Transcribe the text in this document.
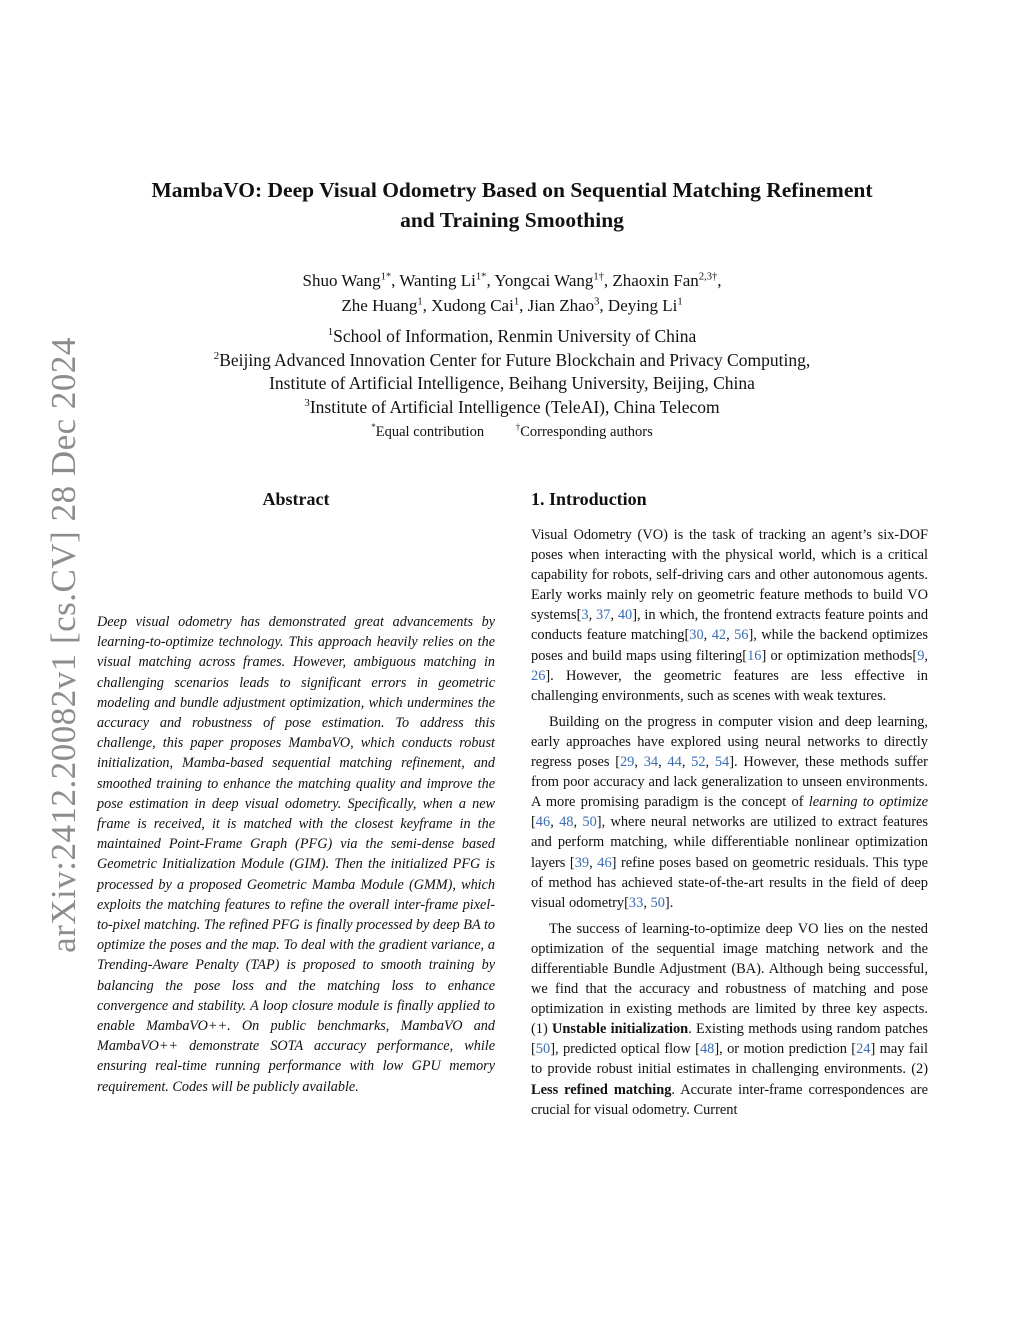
arXiv:2412.20082v1 [cs.CV] 28 Dec 2024
MambaVO: Deep Visual Odometry Based on Sequential Matching Refinement
and Training Smoothing
Shuo Wang$^{1*}$, Wanting $Li^{1*}$, Yongcai Wang$^{1\dagger}$, Zhaoxin Fan$^{2,3\dagger}$,
Zhe Huang$^1$, Xudong Cai$^1$, Jian Zhao$^3$, Deying Li$^1$
$^1$School of Information, Renmin University of China
$^2$Beijing Advanced Innovation Center for Future Blockchain and Privacy Computing,
Institute of Artificial Intelligence, Beihang University, Beijing, China
$^3$Institute of Artificial Intelligence (TeleAI), China Telecom
*Equal contribution	†Corresponding authors
Abstract
Deep visual odometry has demonstrated great advancements by learning-to-optimize technology. This approach heavily relies on the visual matching across frames. However, ambiguous matching in challenging scenarios leads to significant errors in geometric modeling and bundle adjustment optimization, which undermines the accuracy and robustness of pose estimation. To address this challenge, this paper proposes MambaVO, which conducts robust initialization, Mamba-based sequential matching refinement, and smoothed training to enhance the matching quality and improve the pose estimation in deep visual odometry. Specifically, when a new frame is received, it is matched with the closest keyframe in the maintained Point-Frame Graph (PFG) via the semi-dense based Geometric Initialization Module (GIM). Then the initialized PFG is processed by a proposed Geometric Mamba Module (GMM), which exploits the matching features to refine the overall inter-frame pixel-to-pixel matching. The refined PFG is finally processed by deep BA to optimize the poses and the map. To deal with the gradient variance, a Trending-Aware Penalty (TAP) is proposed to smooth training by balancing the pose loss and the matching loss to enhance convergence and stability. A loop closure module is finally applied to enable MambaVO++. On public benchmarks, MambaVO and MambaVO++ demonstrate SOTA accuracy performance, while ensuring real-time running performance with low GPU memory requirement. Codes will be publicly available.
1. Introduction

Visual Odometry (VO) is the task of tracking an agent’s six-DOF poses when interacting with the physical world, which is a critical capability for robots, self-driving cars and other autonomous agents. Early works mainly rely on geometric feature methods to build VO systems[3, 37, 40], in which, the frontend extracts feature points and conducts feature matching[30, 42, 56], while the backend optimizes poses and build maps using filtering[16] or optimization methods[9, 26]. However, the geometric features are less effective in challenging environments, such as scenes with weak textures.

Building on the progress in computer vision and deep learning, early approaches have explored using neural networks to directly regress poses [29, 34, 44, 52, 54]. However, these methods suffer from poor accuracy and lack generalization to unseen environments. A more promising paradigm is the concept of learning to optimize [46, 48, 50], where neural networks are utilized to extract features and perform matching, while differentiable nonlinear optimization layers [39, 46] refine poses based on geometric residuals. This type of method has achieved state-of-the-art results in the field of deep visual odometry[33, 50].

The success of learning-to-optimize deep VO lies on the nested optimization of the sequential image matching network and the differentiable Bundle Adjustment (BA). Although being successful, we find that the accuracy and robustness of matching and pose optimization in existing methods are limited by three key aspects. (1) Unstable initialization. Existing methods using random patches [50], predicted optical flow [48], or motion prediction [24] may fail to provide robust initial estimates in challenging environments. (2) Less refined matching. Accurate inter-frame correspondences are crucial for visual odometry. Current
